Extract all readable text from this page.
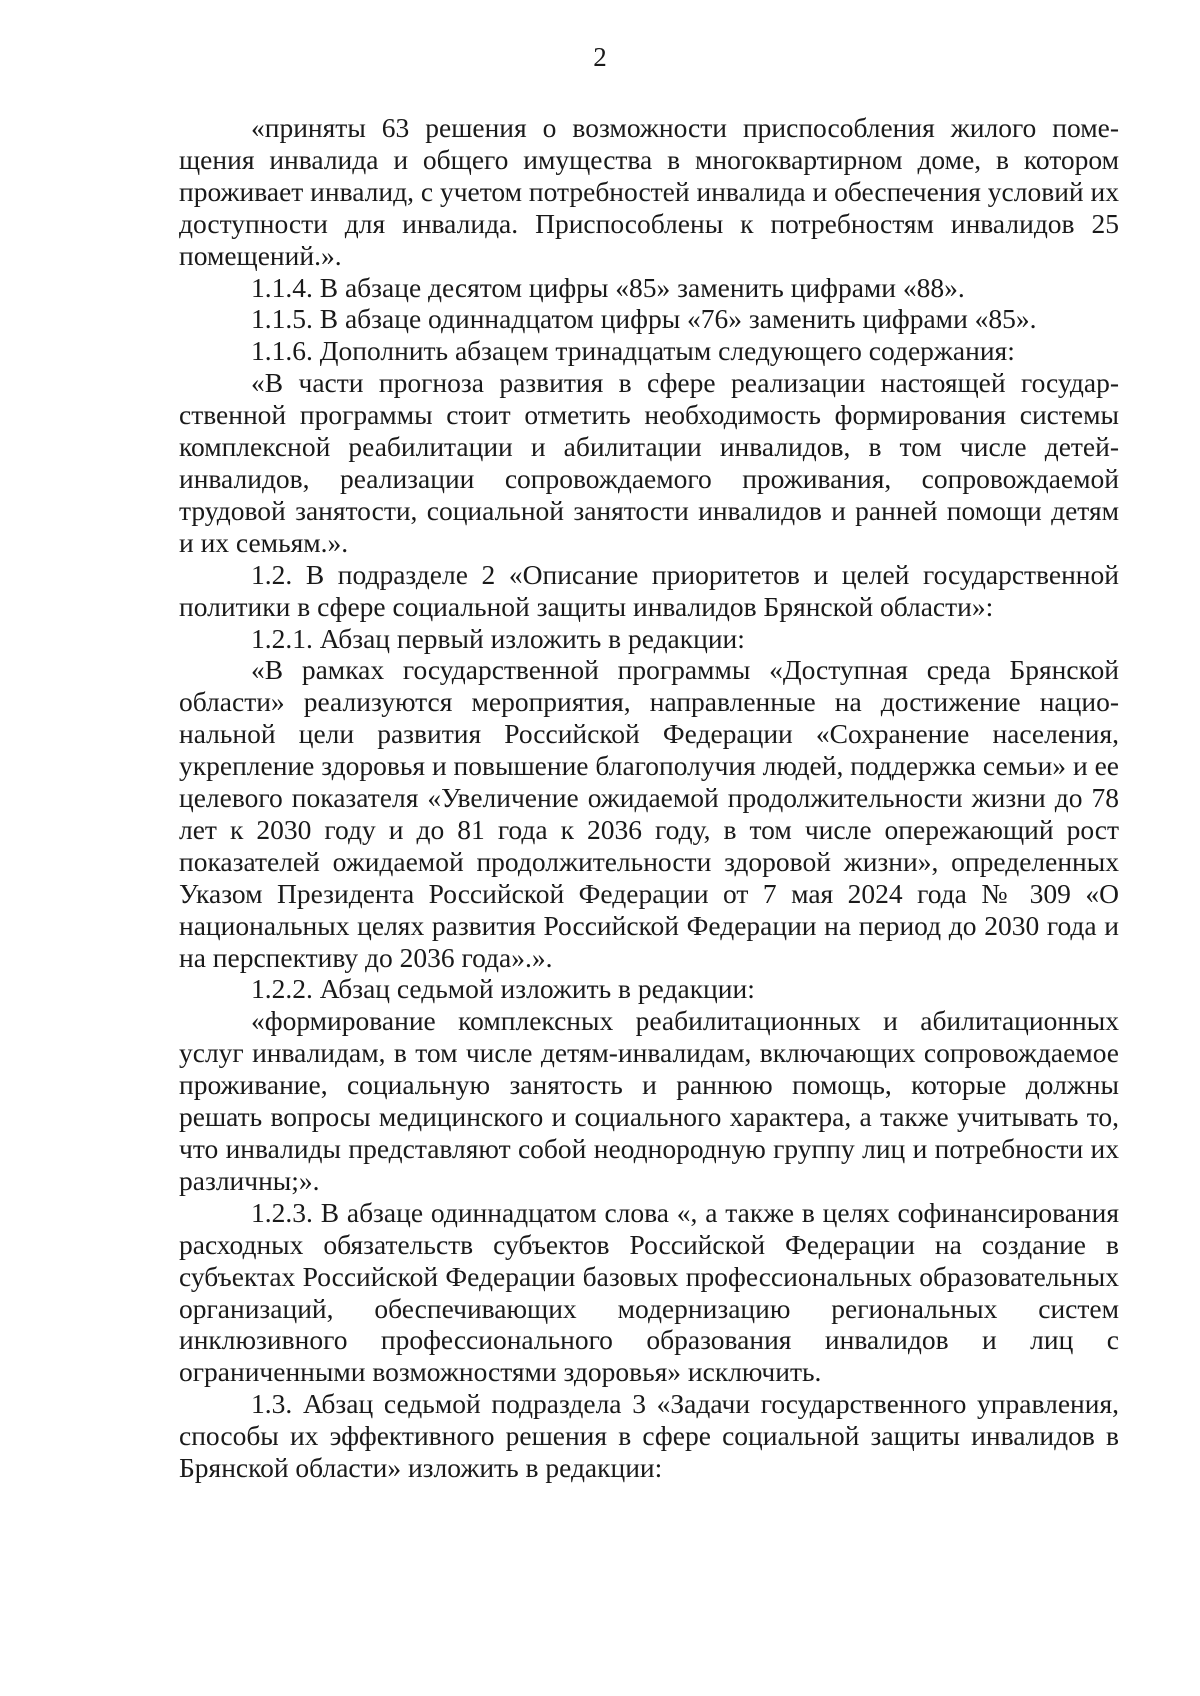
2

«приняты 63 решения о возможности приспособления жилого помещения инвалида и общего имущества в многоквартирном доме, в котором проживает инвалид, с учетом потребностей инвалида и обеспечения условий их доступности для инвалида. Приспособлены к потребностям инвалидов 25 помещений.».

1.1.4. В абзаце десятом цифры «85» заменить цифрами «88».

1.1.5. В абзаце одиннадцатом цифры «76» заменить цифрами «85».

1.1.6. Дополнить абзацем тринадцатым следующего содержания:

«В части прогноза развития в сфере реализации настоящей государственной программы стоит отметить необходимость формирования системы комплексной реабилитации и абилитации инвалидов, в том числе детей-инвалидов, реализации сопровождаемого проживания, сопровождаемой трудовой занятости, социальной занятости инвалидов и ранней помощи детям и их семьям.».

1.2. В подразделе 2 «Описание приоритетов и целей государственной политики в сфере социальной защиты инвалидов Брянской области»:

1.2.1. Абзац первый изложить в редакции:

«В рамках государственной программы «Доступная среда Брянской области» реализуются мероприятия, направленные на достижение национальной цели развития Российской Федерации «Сохранение населения, укрепление здоровья и повышение благополучия людей, поддержка семьи» и ее целевого показателя «Увеличение ожидаемой продолжительности жизни до 78 лет к 2030 году и до 81 года к 2036 году, в том числе опережающий рост показателей ожидаемой продолжительности здоровой жизни», определенных Указом Президента Российской Федерации от 7 мая 2024 года № 309 «О национальных целях развития Российской Федерации на период до 2030 года и на перспективу до 2036 года».».

1.2.2. Абзац седьмой изложить в редакции:

«формирование комплексных реабилитационных и абилитационных услуг инвалидам, в том числе детям-инвалидам, включающих сопровождаемое проживание, социальную занятость и раннюю помощь, которые должны решать вопросы медицинского и социального характера, а также учитывать то, что инвалиды представляют собой неоднородную группу лиц и потребности их различны;».

1.2.3. В абзаце одиннадцатом слова «, а также в целях софинансирования расходных обязательств субъектов Российской Федерации на создание в субъектах Российской Федерации базовых профессиональных образовательных организаций, обеспечивающих модернизацию региональных систем инклюзивного профессионального образования инвалидов и лиц с ограниченными возможностями здоровья» исключить.

1.3. Абзац седьмой подраздела 3 «Задачи государственного управления, способы их эффективного решения в сфере социальной защиты инвалидов в Брянской области» изложить в редакции:
